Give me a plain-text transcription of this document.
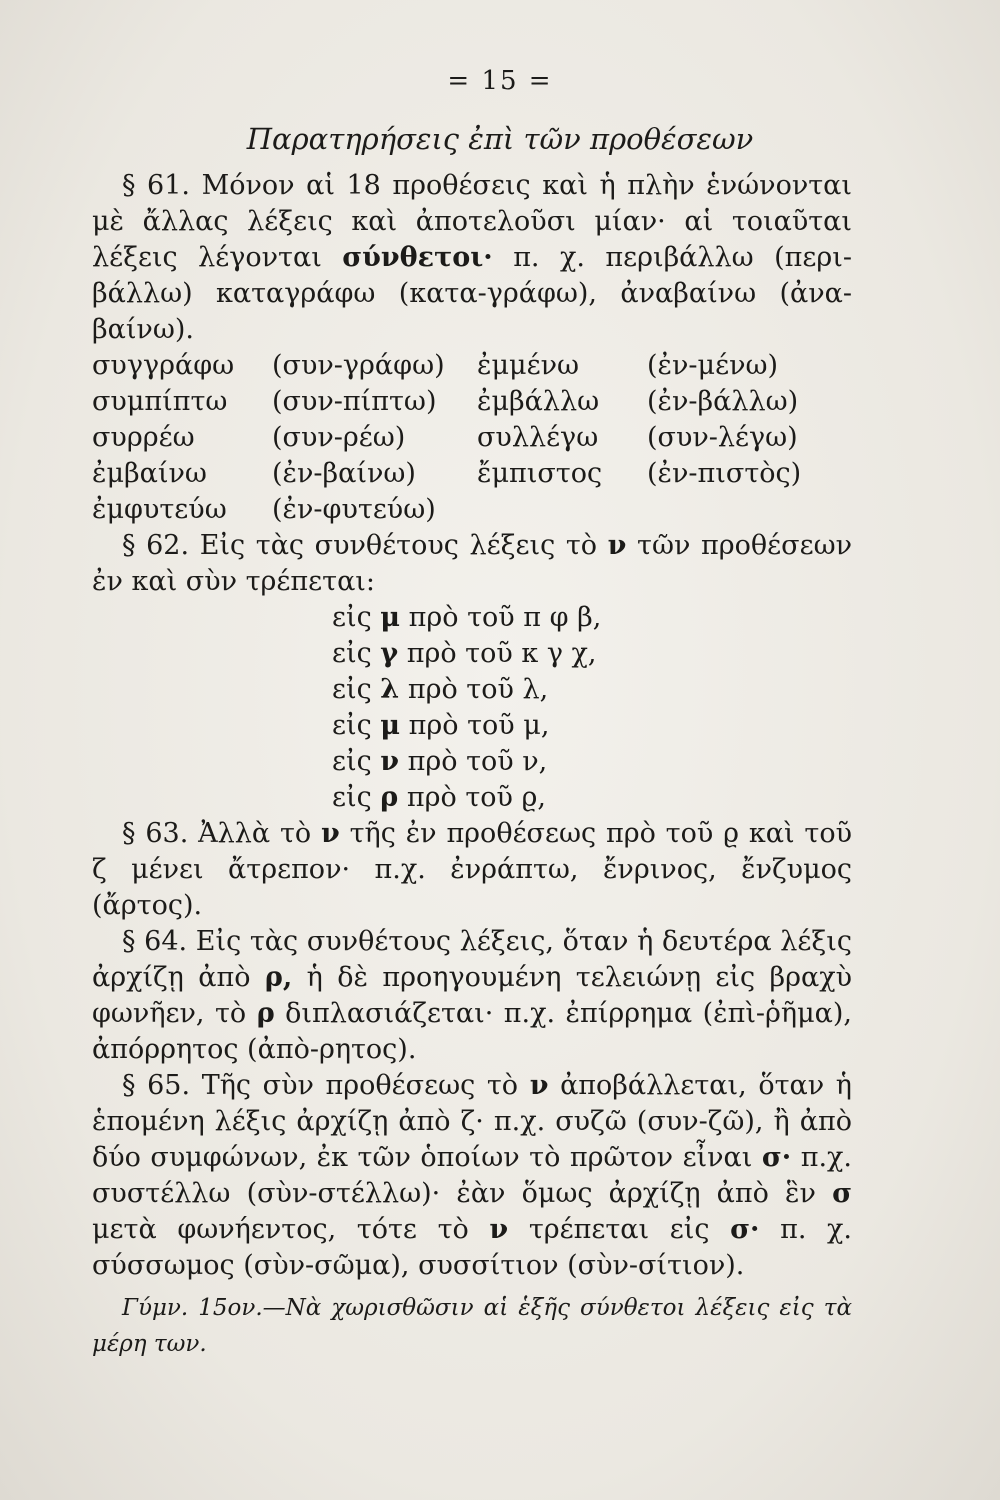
= 15 =
Παρατηρήσεις ἐπὶ τῶν προθέσεων

§ 61. Μόνον αἱ 18 προθέσεις καὶ ἡ πλὴν ἑνώνονται μὲ ἄλλας λέξεις καὶ ἀποτελοῦσι μίαν· αἱ τοιαῦται λέξεις λέγονται σύνθετοι· π. χ. περιβάλλω (περι-βάλλω) καταγράφω (κατα-γράφω), ἀναβαίνω (ἀνα-βαίνω).

συγγράφω	(συν-γράφω)	ἐμμένω	(ἐν-μένω)
συμπίπτω	(συν-πίπτω)	ἐμβάλλω	(ἐν-βάλλω)
συρρέω	(συν-ρέω)	συλλέγω	(συν-λέγω)
ἐμβαίνω	(ἐν-βαίνω)	ἔμπιστος	(ἐν-πιστὸς)
ἐμφυτεύω	(ἐν-φυτεύω)

§ 62. Εἰς τὰς συνθέτους λέξεις τὸ ν τῶν προθέσεων ἐν καὶ σὺν τρέπεται:

εἰς μ πρὸ τοῦ π φ β,
εἰς γ πρὸ τοῦ κ γ χ,
εἰς λ πρὸ τοῦ λ,
εἰς μ πρὸ τοῦ μ,
εἰς ν πρὸ τοῦ ν,
εἰς ρ πρὸ τοῦ ϱ,

§ 63. Ἀλλὰ τὸ ν τῆς ἐν προθέσεως πρὸ τοῦ ϱ καὶ τοῦ ζ μένει ἄτρεπον· π.χ. ἐνράπτω, ἔνρινος, ἔνζυμος (ἄρτος).

§ 64. Εἰς τὰς συνθέτους λέξεις, ὅταν ἡ δευτέρα λέξις ἀρχίζῃ ἀπὸ ρ, ἡ δὲ προηγουμένη τελειώνῃ εἰς βραχὺ φωνῆεν, τὸ ρ διπλασιάζεται· π.χ. ἐπίρρημα (ἐπὶ-ῥῆμα), ἀπόρρητος (ἀπὸ-ρητος).

§ 65. Τῆς σὺν προθέσεως τὸ ν ἀποβάλλεται, ὅταν ἡ ἑπομένη λέξις ἀρχίζῃ ἀπὸ ζ· π.χ. συζῶ (συν-ζῶ), ἢ ἀπὸ δύο συμφώνων, ἐκ τῶν ὁποίων τὸ πρῶτον εἶναι σ· π.χ. συστέλλω (σὺν-στέλλω)· ἐὰν ὅμως ἀρχίζῃ ἀπὸ ἓν σ μετὰ φωνήεντος, τότε τὸ ν τρέπεται εἰς σ· π. χ. σύσσωμος (σὺν-σῶμα), συσσίτιον (σὺν-σίτιον).

Γύμν. 15ον.—Νὰ χωρισθῶσιν αἱ ἑξῆς σύνθετοι λέξεις εἰς τὰ μέρη των.
